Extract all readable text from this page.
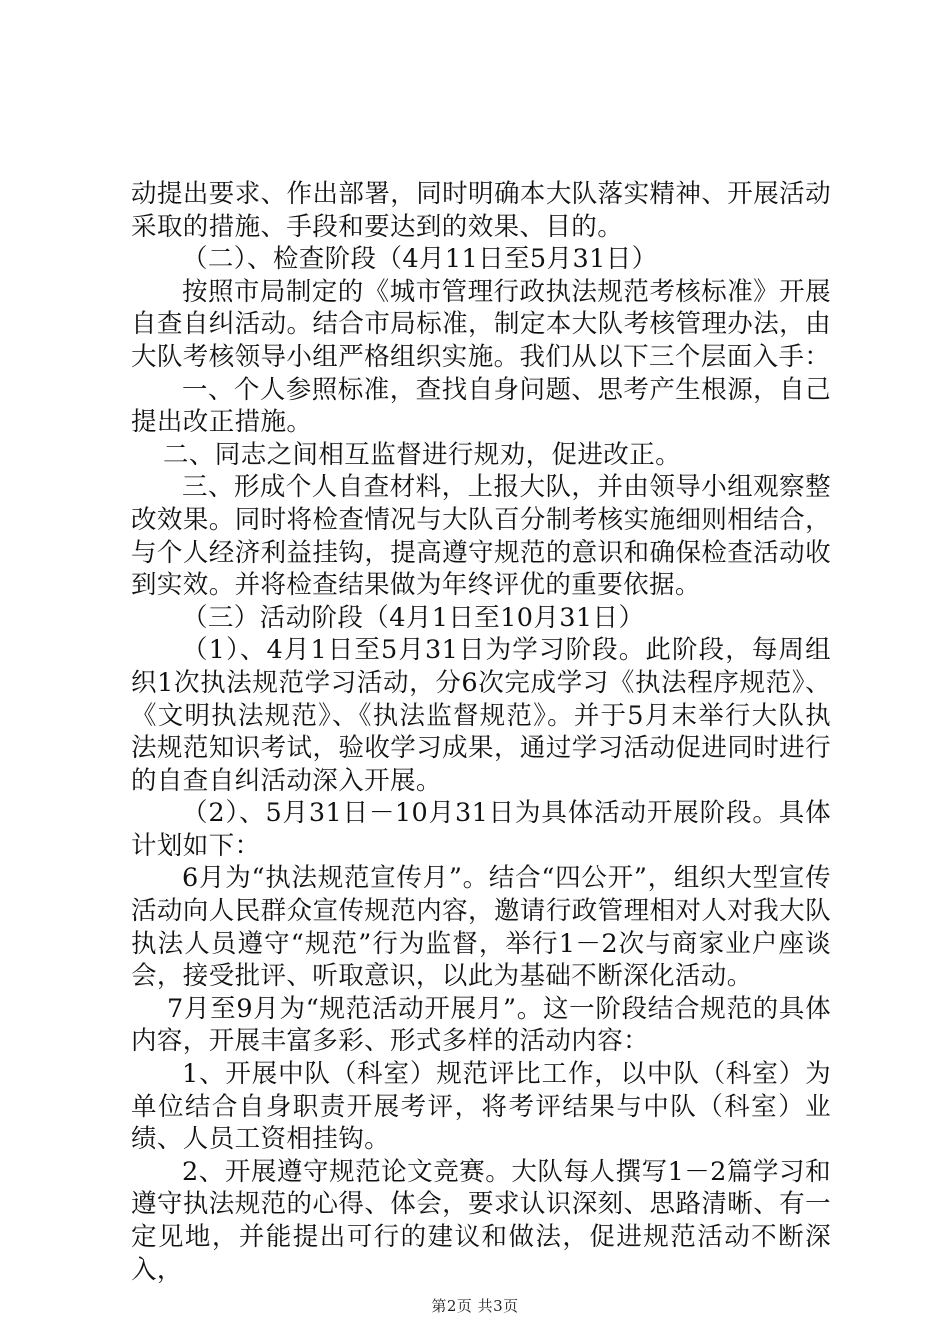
动提出要求、作出部署，同时明确本大队落实精神、开展活动采取的措施、手段和要达到的效果、目的。

（二）、检查阶段（4月11日至5月31日）

按照市局制定的《城市管理行政执法规范考核标准》开展自查自纠活动。结合市局标准，制定本大队考核管理办法，由大队考核领导小组严格组织实施。我们从以下三个层面入手：

一、个人参照标准，查找自身问题、思考产生根源，自己提出改正措施。

二、同志之间相互监督进行规劝，促进改正。

三、形成个人自查材料，上报大队，并由领导小组观察整改效果。同时将检查情况与大队百分制考核实施细则相结合，与个人经济利益挂钩，提高遵守规范的意识和确保检查活动收到实效。并将检查结果做为年终评优的重要依据。

（三）活动阶段（4月1日至10月31日）

（1）、4月1日至5月31日为学习阶段。此阶段，每周组织1次执法规范学习活动，分6次完成学习《执法程序规范》、《文明执法规范》、《执法监督规范》。并于5月末举行大队执法规范知识考试，验收学习成果，通过学习活动促进同时进行的自查自纠活动深入开展。

（2）、5月31日－10月31日为具体活动开展阶段。具体计划如下：

6月为“执法规范宣传月”。结合“四公开”，组织大型宣传活动向人民群众宣传规范内容，邀请行政管理相对人对我大队执法人员遵守“规范”行为监督，举行1－2次与商家业户座谈会，接受批评、听取意识，以此为基础不断深化活动。

7月至9月为“规范活动开展月”。这一阶段结合规范的具体内容，开展丰富多彩、形式多样的活动内容：

1、开展中队（科室）规范评比工作，以中队（科室）为单位结合自身职责开展考评，将考评结果与中队（科室）业绩、人员工资相挂钩。

2、开展遵守规范论文竞赛。大队每人撰写1－2篇学习和遵守执法规范的心得、体会，要求认识深刻、思路清晰、有一定见地，并能提出可行的建议和做法，促进规范活动不断深入，

第2页 共3页
